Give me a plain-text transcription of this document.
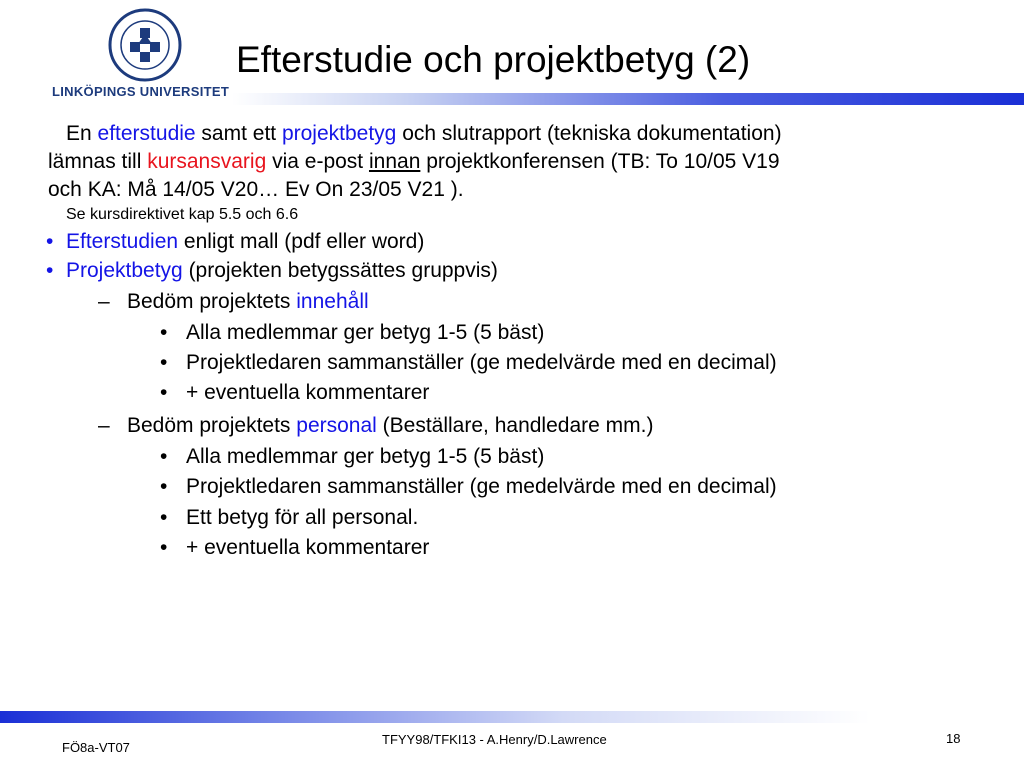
LINKÖPINGS UNIVERSITET
Efterstudie och projektbetyg (2)
En efterstudie samt ett projektbetyg och slutrapport (tekniska dokumentation)
lämnas till kursansvarig via e-post innan projektkonferensen (TB: To 10/05 V19
och KA: Må 14/05 V20… Ev On 23/05 V21 ).
Se kursdirektivet kap 5.5 och 6.6
• Efterstudien enligt mall (pdf eller word)
• Projektbetyg (projekten betygssättes gruppvis)
– Bedöm projektets innehåll
• Alla medlemmar ger betyg 1-5 (5 bäst)
• Projektledaren sammanställer (ge medelvärde med en decimal)
• + eventuella kommentarer
– Bedöm projektets personal (Beställare, handledare mm.)
• Alla medlemmar ger betyg 1-5 (5 bäst)
• Projektledaren sammanställer (ge medelvärde med en decimal)
• Ett betyg för all personal.
• + eventuella kommentarer
FÖ8a-VT07
TFYY98/TFKI13 - A.Henry/D.Lawrence	18
